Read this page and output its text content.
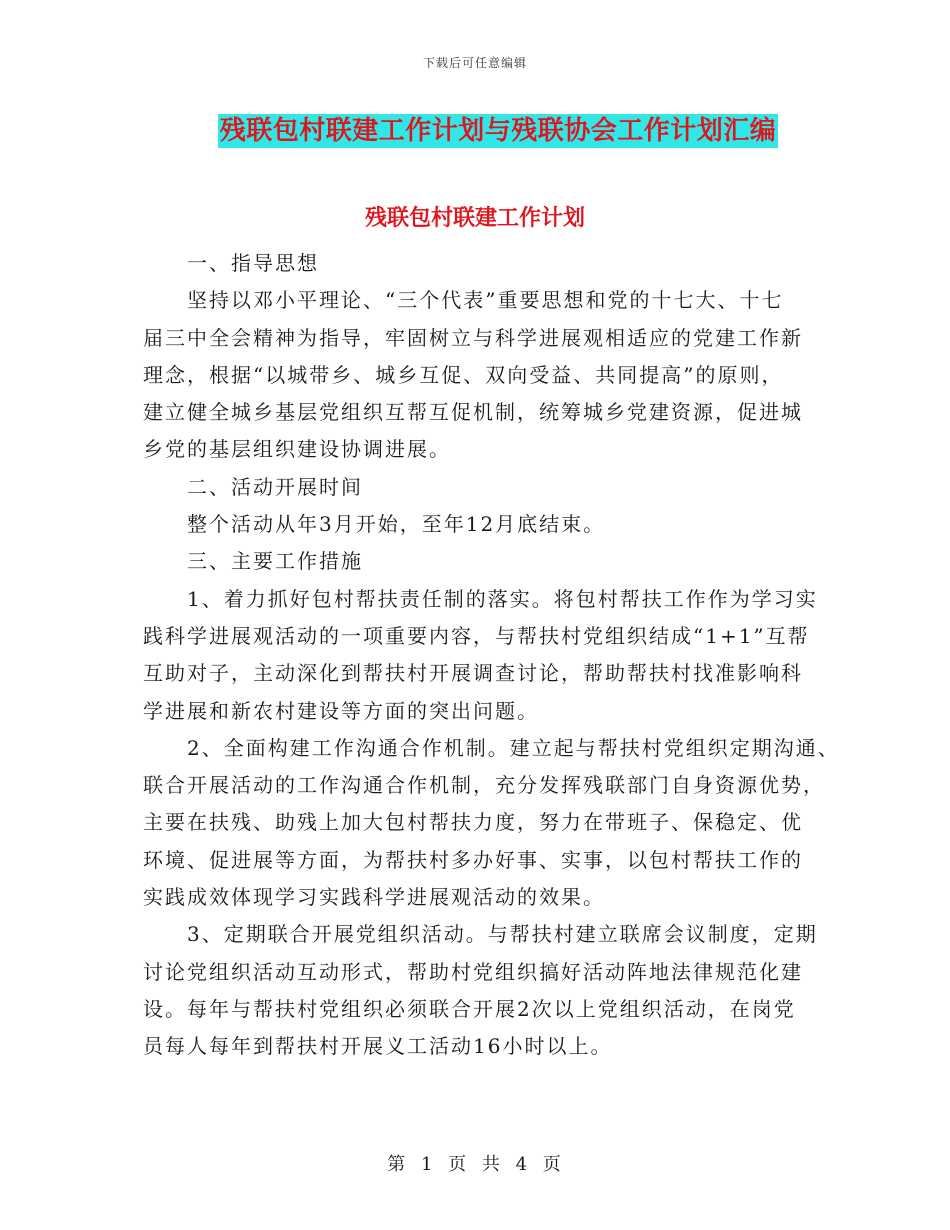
下载后可任意编辑
残联包村联建工作计划与残联协会工作计划汇编
残联包村联建工作计划
一、指导思想
坚持以邓小平理论、“三个代表”重要思想和党的十七大、十七
届三中全会精神为指导，牢固树立与科学进展观相适应的党建工作新
理念，根据“以城带乡、城乡互促、双向受益、共同提高”的原则，
建立健全城乡基层党组织互帮互促机制，统筹城乡党建资源，促进城
乡党的基层组织建设协调进展。
二、活动开展时间
整个活动从年3月开始，至年12月底结束。
三、主要工作措施
1、着力抓好包村帮扶责任制的落实。将包村帮扶工作作为学习实
践科学进展观活动的一项重要内容，与帮扶村党组织结成“1+1”互帮
互助对子，主动深化到帮扶村开展调查讨论，帮助帮扶村找准影响科
学进展和新农村建设等方面的突出问题。
2、全面构建工作沟通合作机制。建立起与帮扶村党组织定期沟通、
联合开展活动的工作沟通合作机制，充分发挥残联部门自身资源优势，
主要在扶残、助残上加大包村帮扶力度，努力在带班子、保稳定、优
环境、促进展等方面，为帮扶村多办好事、实事，以包村帮扶工作的
实践成效体现学习实践科学进展观活动的效果。
3、定期联合开展党组织活动。与帮扶村建立联席会议制度，定期
讨论党组织活动互动形式，帮助村党组织搞好活动阵地法律规范化建
设。每年与帮扶村党组织必须联合开展2次以上党组织活动，在岗党
员每人每年到帮扶村开展义工活动16小时以上。
第 1 页 共 4 页
